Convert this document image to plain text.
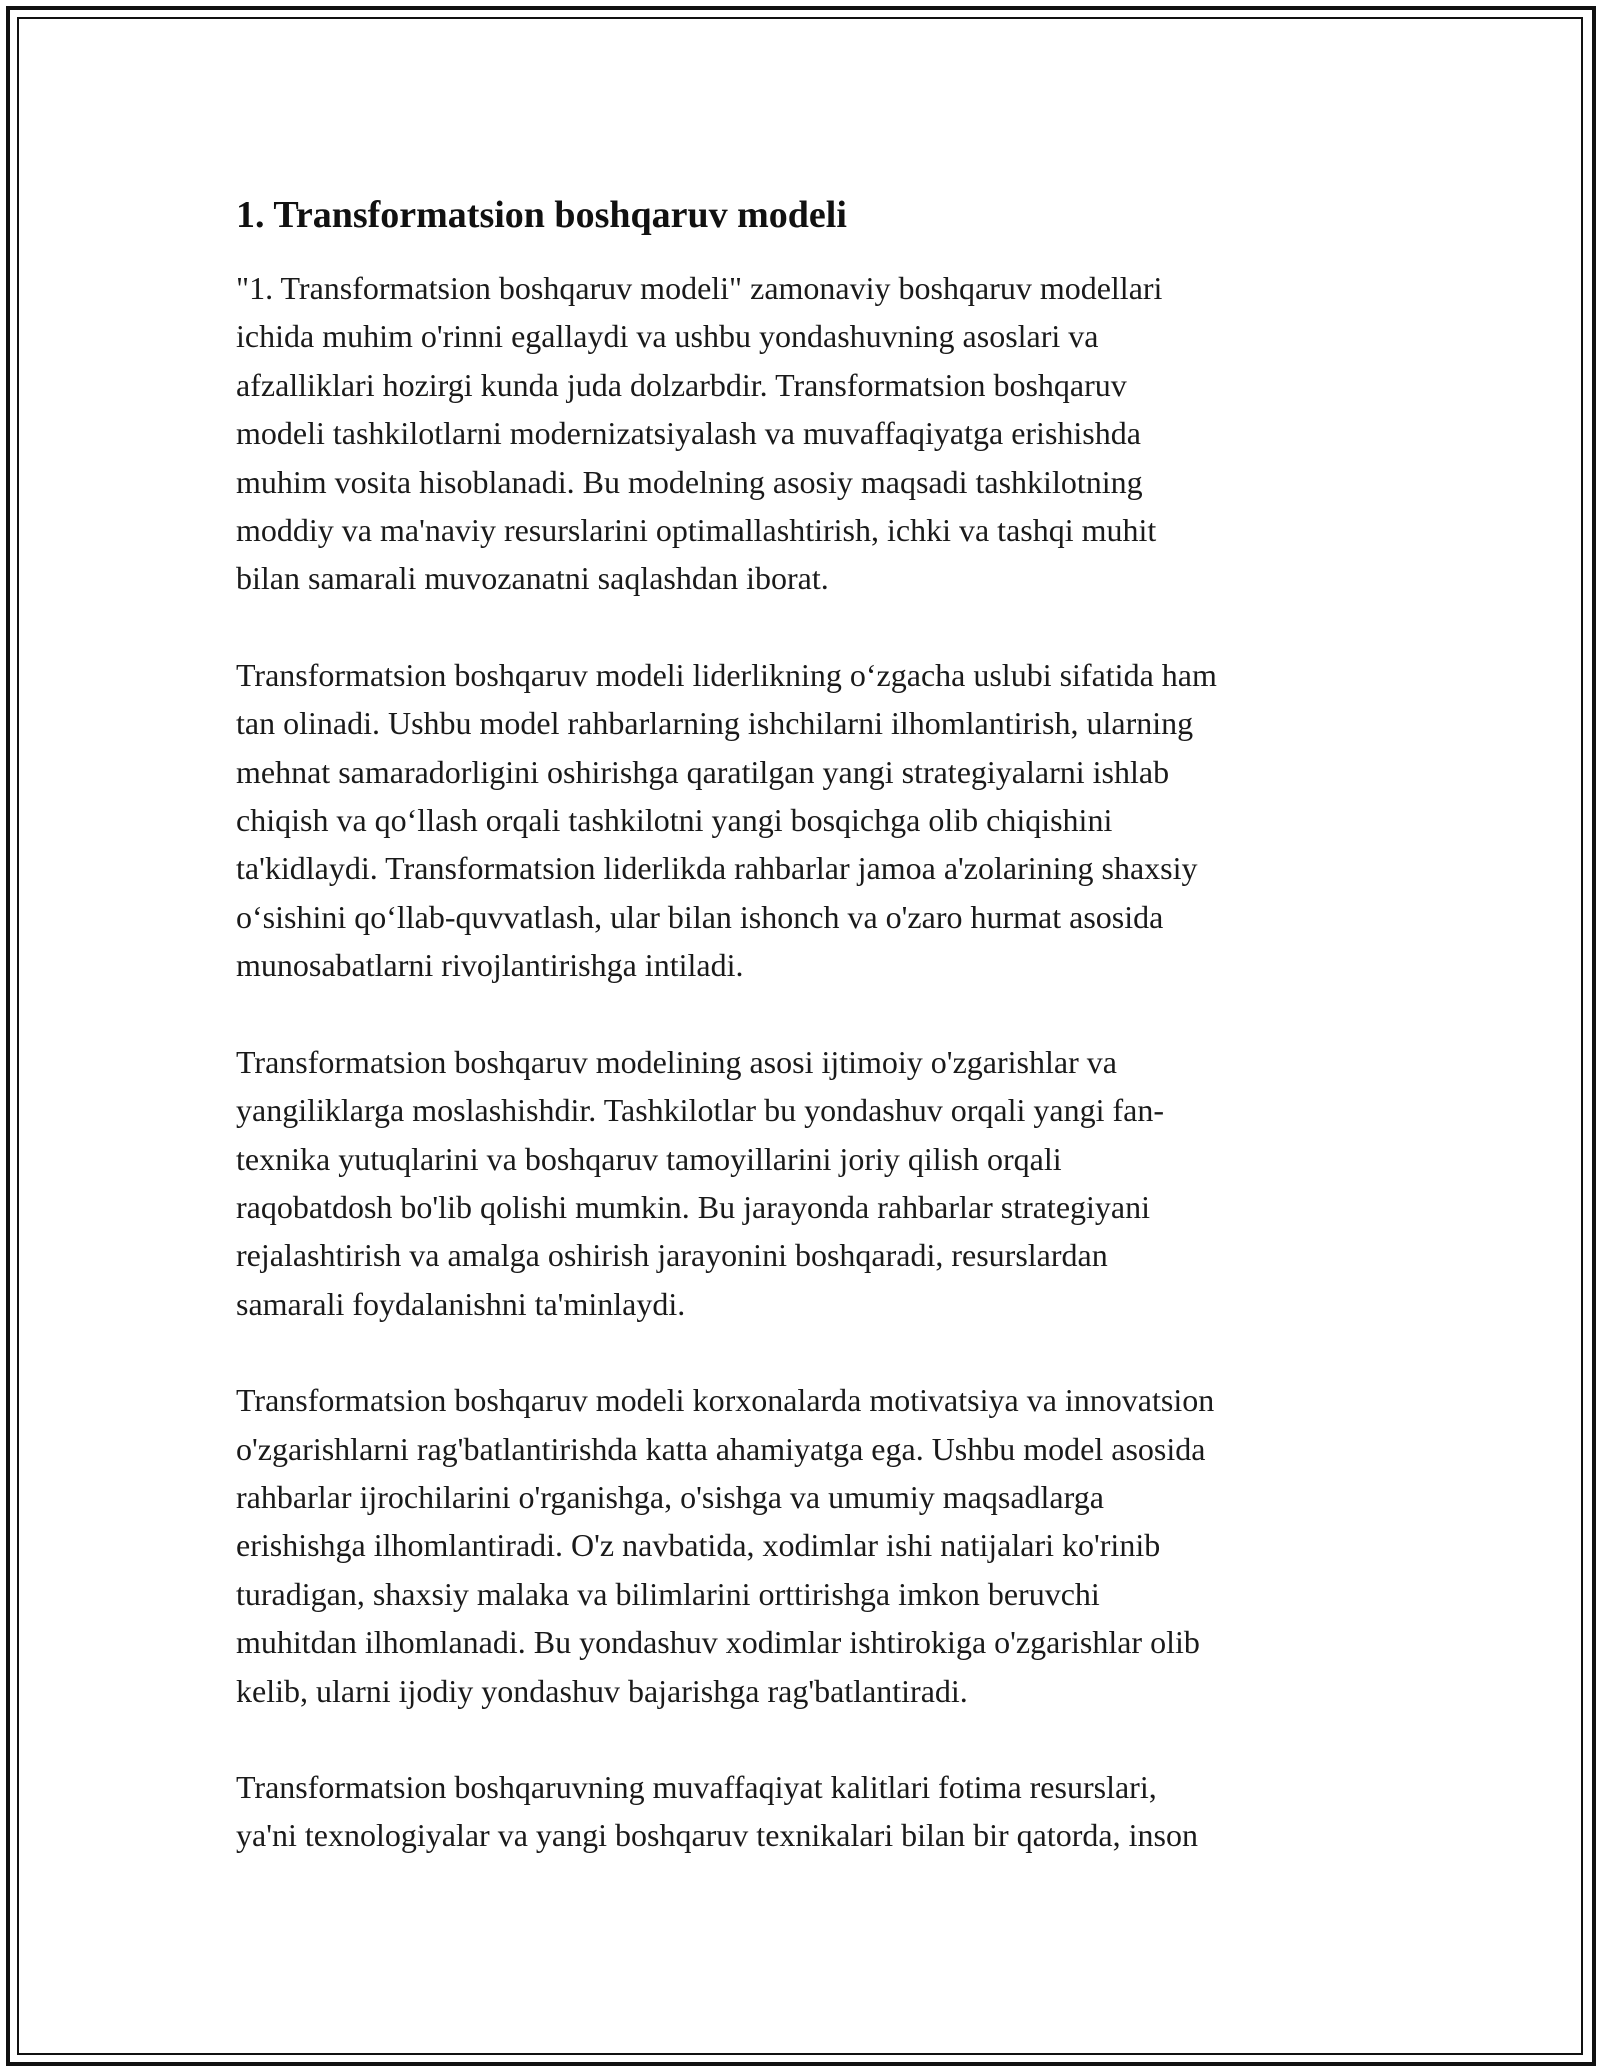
1. Transformatsion boshqaruv modeli

"1. Transformatsion boshqaruv modeli" zamonaviy boshqaruv modellari
ichida muhim o'rinni egallaydi va ushbu yondashuvning asoslari va
afzalliklari hozirgi kunda juda dolzarbdir. Transformatsion boshqaruv
modeli tashkilotlarni modernizatsiyalash va muvaffaqiyatga erishishda
muhim vosita hisoblanadi. Bu modelning asosiy maqsadi tashkilotning
moddiy va ma'naviy resurslarini optimallashtirish, ichki va tashqi muhit
bilan samarali muvozanatni saqlashdan iborat.

Transformatsion boshqaruv modeli liderlikning o‘zgacha uslubi sifatida ham
tan olinadi. Ushbu model rahbarlarning ishchilarni ilhomlantirish, ularning
mehnat samaradorligini oshirishga qaratilgan yangi strategiyalarni ishlab
chiqish va qo‘llash orqali tashkilotni yangi bosqichga olib chiqishini
ta'kidlaydi. Transformatsion liderlikda rahbarlar jamoa a'zolarining shaxsiy
o‘sishini qo‘llab-quvvatlash, ular bilan ishonch va o'zaro hurmat asosida
munosabatlarni rivojlantirishga intiladi.

Transformatsion boshqaruv modelining asosi ijtimoiy o'zgarishlar va
yangiliklarga moslashishdir. Tashkilotlar bu yondashuv orqali yangi fan-
texnika yutuqlarini va boshqaruv tamoyillarini joriy qilish orqali
raqobatdosh bo'lib qolishi mumkin. Bu jarayonda rahbarlar strategiyani
rejalashtirish va amalga oshirish jarayonini boshqaradi, resurslardan
samarali foydalanishni ta'minlaydi.

Transformatsion boshqaruv modeli korxonalarda motivatsiya va innovatsion
o'zgarishlarni rag'batlantirishda katta ahamiyatga ega. Ushbu model asosida
rahbarlar ijrochilarini o'rganishga, o'sishga va umumiy maqsadlarga
erishishga ilhomlantiradi. O'z navbatida, xodimlar ishi natijalari ko'rinib
turadigan, shaxsiy malaka va bilimlarini orttirishga imkon beruvchi
muhitdan ilhomlanadi. Bu yondashuv xodimlar ishtirokiga o'zgarishlar olib
kelib, ularni ijodiy yondashuv bajarishga rag'batlantiradi.

Transformatsion boshqaruvning muvaffaqiyat kalitlari fotima resurslari,
ya'ni texnologiyalar va yangi boshqaruv texnikalari bilan bir qatorda, inson
